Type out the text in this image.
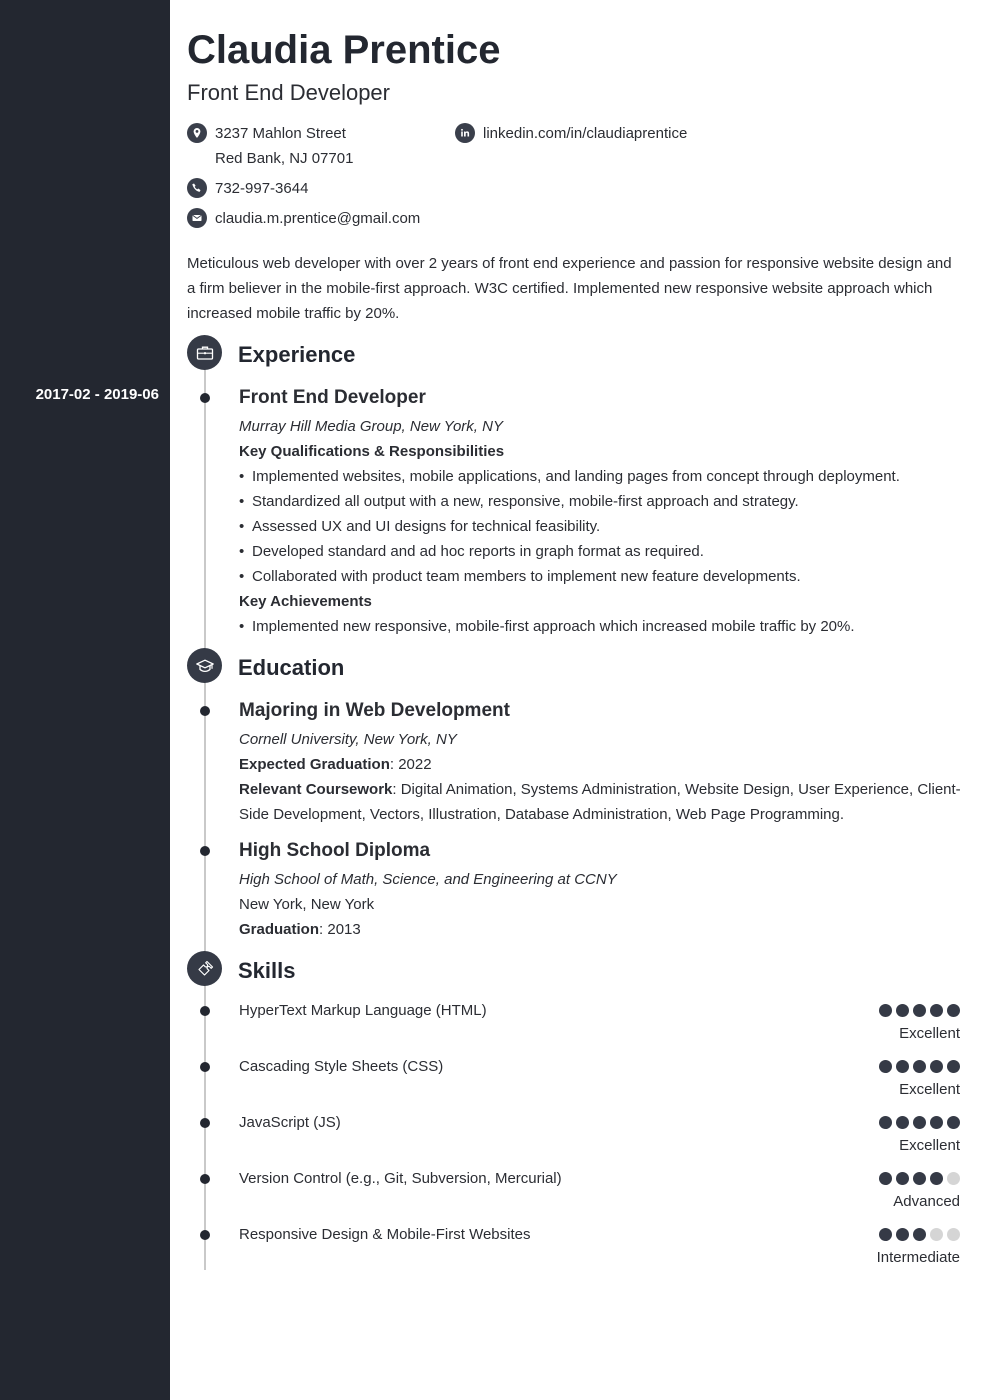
2017-02 - 2019-06
Claudia Prentice
Front End Developer
3237 Mahlon Street
Red Bank, NJ 07701
732-997-3644
claudia.m.prentice@gmail.com
linkedin.com/in/claudiaprentice

Meticulous web developer with over 2 years of front end experience and passion for responsive website design and a firm believer in the mobile-first approach. W3C certified. Implemented new responsive website approach which increased mobile traffic by 20%.

Experience
Front End Developer
Murray Hill Media Group, New York, NY
Key Qualifications & Responsibilities
• Implemented websites, mobile applications, and landing pages from concept through deployment.
• Standardized all output with a new, responsive, mobile-first approach and strategy.
• Assessed UX and UI designs for technical feasibility.
• Developed standard and ad hoc reports in graph format as required.
• Collaborated with product team members to implement new feature developments.
Key Achievements
• Implemented new responsive, mobile-first approach which increased mobile traffic by 20%.
Education
Majoring in Web Development
Cornell University, New York, NY
Expected Graduation: 2022
Relevant Coursework: Digital Animation, Systems Administration, Website Design, User Experience, Client-Side Development, Vectors, Illustration, Database Administration, Web Page Programming.
High School Diploma
High School of Math, Science, and Engineering at CCNY
New York, New York
Graduation: 2013
Skills
HyperText Markup Language (HTML)
Excellent
Cascading Style Sheets (CSS)
Excellent
JavaScript (JS)
Excellent
Version Control (e.g., Git, Subversion, Mercurial)
Advanced
Responsive Design & Mobile-First Websites
Intermediate
